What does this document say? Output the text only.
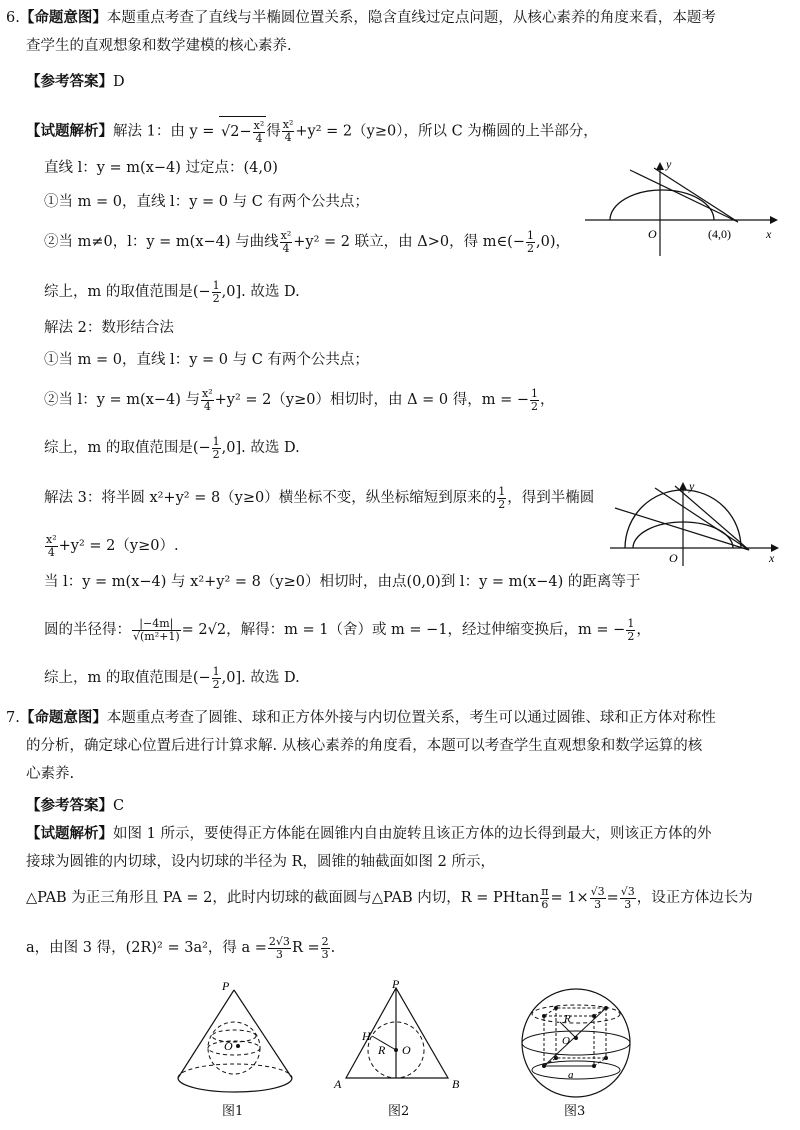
6.【命题意图】本题重点考查了直线与半椭圆位置关系，隐含直线过定点问题，从核心素养的角度来看，本题考
查学生的直观想象和数学建模的核心素养.
【参考答案】D
【试题解析】解法 1：由 $y = √2- \frac{\text{x²}}{4}$ 得 $\frac{\text{x²}}{4} +y^2 = 2(y\ge 0)$，所以 C 为椭圆的上半部分，
直线 l：y = m(x−4) 过定点：(4,0)
①当 m = 0，直线 l：y = 0 与 C 有两个公共点；
②当 m≠0，l：y = m(x−4) 与曲线 $\frac{\text{x²}}{4} +y^2 = 2$ 联立，由 Δ>0，得 m∈(− $\frac{1}{2} ,0$)，
综上，m 的取值范围是(− $\frac{1}{2} ,0$]. 故选 D.
y
x
O	(4,0)
解法 2：数形结合法
①当 m = 0，直线 l：y = 0 与 C 有两个公共点；
②当 l：y = m(x−4) 与 $\frac{\text{x²}}{4} +y^2 = 2(y\ge 0)$相切时，由 Δ = 0 得，m = − $\frac{1}{2}$ ，
综上，m 的取值范围是(− $\frac{1}{2} ,0$]. 故选 D.
解法 3：将半圆 x²+y² = 8（y≥0）横坐标不变，纵坐标缩短到原来的 $\frac{1}{2}$ ，得到半椭圆
$\frac{\text{x²}}{4} +y^2 = 2(y\ge 0)$.
当 l：y = m(x−4) 与 x²+y² = 8（y≥0）相切时，由点(0,0)到 l：y = m(x−4) 的距离等于
圆的半径得： $\frac{|-4m|}{\text{√(m²+1)}} = 2√2$，解得：m = 1（舍）或 m = −1，经过伸缩变换后，m = − $\frac{1}{2}$ ，
综上，m 的取值范围是(− $\frac{1}{2} ,0$]. 故选 D.
y
x
O
7.【命题意图】本题重点考查了圆锥、球和正方体外接与内切位置关系，考生可以通过圆锥、球和正方体对称性
的分析，确定球心位置后进行计算求解. 从核心素养的角度看，本题可以考查学生直观想象和数学运算的核
心素养.
【参考答案】C
【试题解析】如图 1 所示，要使得正方体能在圆锥内自由旋转且该正方体的边长得到最大，则该正方体的外
接球为圆锥的内切球，设内切球的半径为 R，圆锥的轴截面如图 2 所示，
△PAB 为正三角形且 PA = 2，此时内切球的截面圆与△PAB 内切，R = PHtan $\frac{\pi}{6} = 1\times \frac{√3}{3} = \frac{√3}{3}$ ，设正方体边长为
a，由图 3 得，(2R)² = 3a²，得 $a = \frac{2√3}{3}$ $R = \frac{2}{3}$ .
P
O
图1
P
H
R O
A	B
图2
R
O
a
图3
